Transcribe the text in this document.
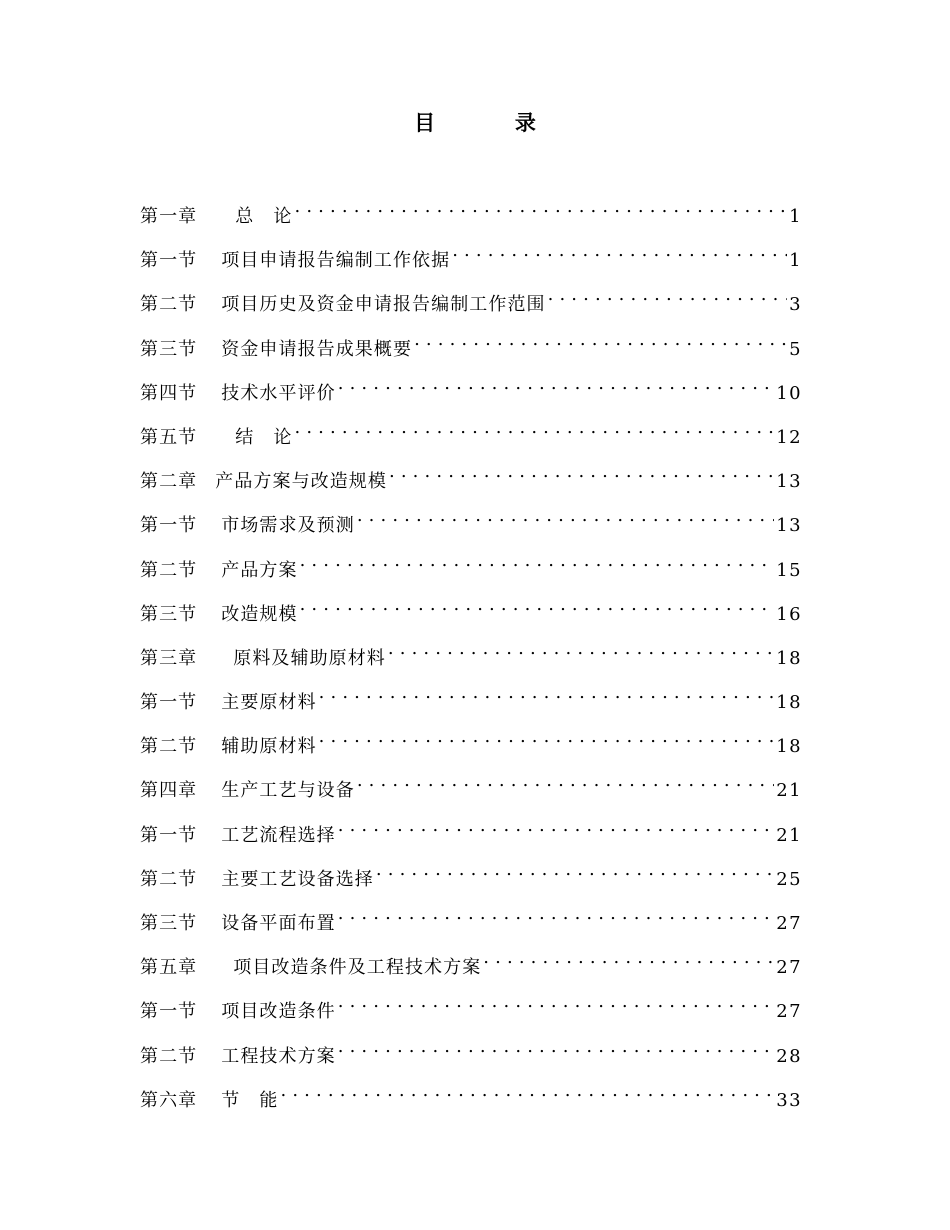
目　录
第一章 总　论 .....	1
第一节 项目申请报告编制工作依据 .....	1
第二节 项目历史及资金申请报告编制工作范围 .....	3
第三节 资金申请报告成果概要 .....	5
第四节 技术水平评价 .....	10
第五节 结　论 .....	12
第二章 产品方案与改造规模 .....	13
第一节 市场需求及预测 .....	13
第二节 产品方案 .....	15
第三节 改造规模 .....	16
第三章 原料及辅助原材料 .....	18
第一节 主要原材料 .....	18
第二节 辅助原材料 .....	18
第四章 生产工艺与设备 .....	21
第一节 工艺流程选择 .....	21
第二节 主要工艺设备选择 .....	25
第三节 设备平面布置 .....	27
第五章 项目改造条件及工程技术方案 .....	27
第一节 项目改造条件 .....	27
第二节 工程技术方案 .....	28
第六章 节　能 .....	33
